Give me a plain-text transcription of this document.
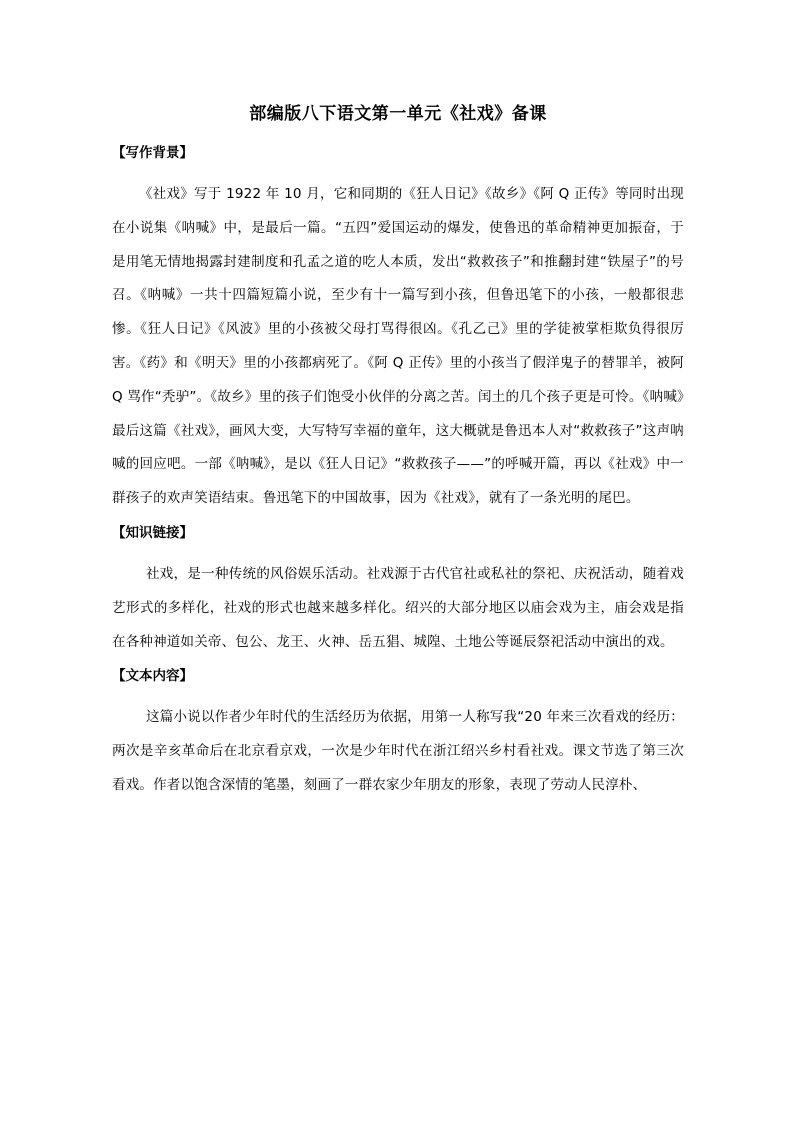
部编版八下语文第一单元《社戏》备课
【写作背景】

《社戏》写于 1922 年 10 月，它和同期的《狂人日记》《故乡》《阿 Q 正传》等同时出现在小说集《呐喊》中，是最后一篇。“五四”爱国运动的爆发，使鲁迅的革命精神更加振奋，于是用笔无情地揭露封建制度和孔孟之道的吃人本质，发出“救救孩子”和推翻封建“铁屋子”的号召。《呐喊》一共十四篇短篇小说，至少有十一篇写到小孩，但鲁迅笔下的小孩，一般都很悲惨。《狂人日记》《风波》里的小孩被父母打骂得很凶。《孔乙己》里的学徒被掌柜欺负得很厉害。《药》和《明天》里的小孩都病死了。《阿 Q 正传》里的小孩当了假洋鬼子的替罪羊，被阿 Q 骂作“秃驴”。《故乡》里的孩子们饱受小伙伴的分离之苦。闰土的几个孩子更是可怜。《呐喊》最后这篇《社戏》，画风大变，大写特写幸福的童年，这大概就是鲁迅本人对“救救孩子”这声呐喊的回应吧。一部《呐喊》，是以《狂人日记》“救救孩子——”的呼喊开篇，再以《社戏》中一群孩子的欢声笑语结束。鲁迅笔下的中国故事，因为《社戏》，就有了一条光明的尾巴。

【知识链接】

社戏，是一种传统的风俗娱乐活动。社戏源于古代官社或私社的祭祀、庆祝活动，随着戏艺形式的多样化，社戏的形式也越来越多样化。绍兴的大部分地区以庙会戏为主，庙会戏是指在各种神道如关帝、包公、龙王、火神、岳五猖、城隍、土地公等诞辰祭祀活动中演出的戏。

【文本内容】

这篇小说以作者少年时代的生活经历为依据，用第一人称写我“20 年来三次看戏的经历：两次是辛亥革命后在北京看京戏，一次是少年时代在浙江绍兴乡村看社戏。课文节选了第三次看戏。作者以饱含深情的笔墨，刻画了一群农家少年朋友的形象，表现了劳动人民淳朴、
